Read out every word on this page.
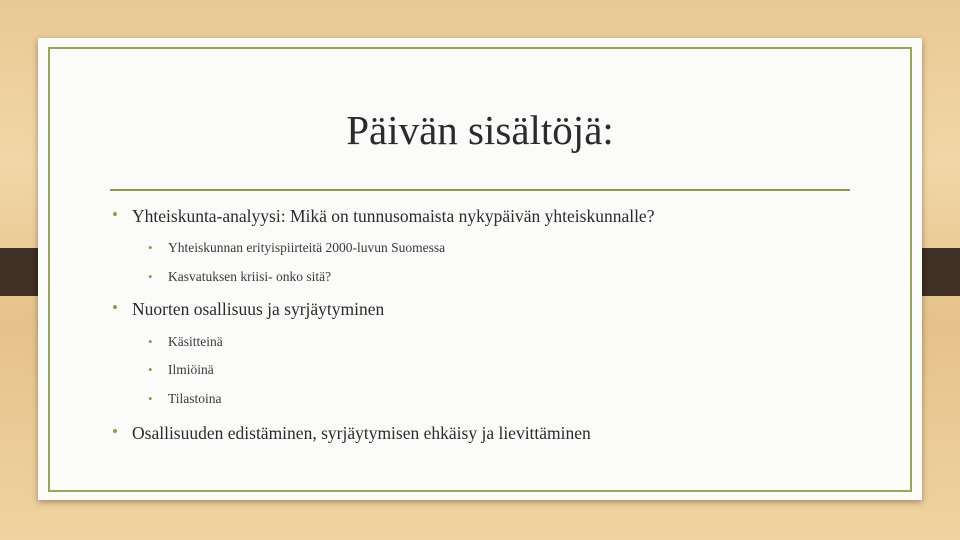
Päivän sisältöjä:
• Yhteiskunta-analyysi: Mikä on tunnusomaista nykypäivän yhteiskunnalle?
• Yhteiskunnan erityispiirteitä 2000-luvun Suomessa
• Kasvatuksen kriisi- onko sitä?
• Nuorten osallisuus ja syrjäytyminen
• Käsitteinä
• Ilmiöinä
• Tilastoina
• Osallisuuden edistäminen, syrjäytymisen ehkäisy ja lievittäminen
